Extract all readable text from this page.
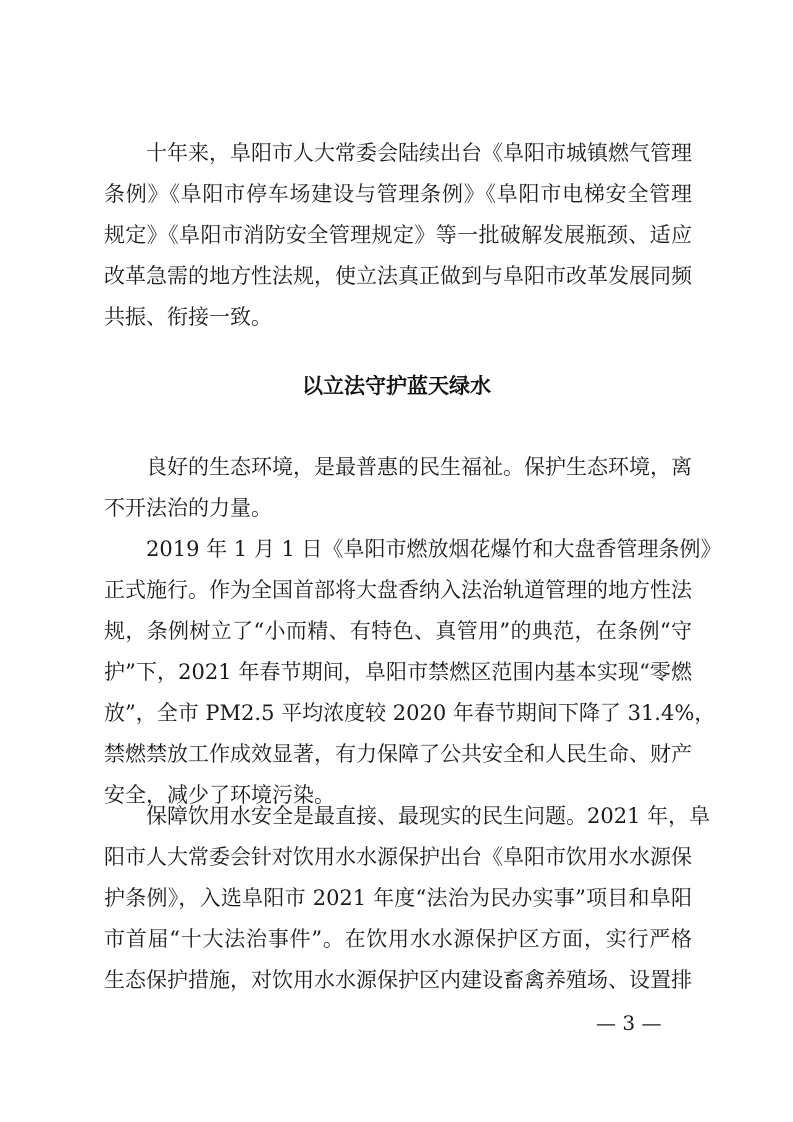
十年来，阜阳市人大常委会陆续出台《阜阳市城镇燃气管理
条例》《阜阳市停车场建设与管理条例》《阜阳市电梯安全管理
规定》《阜阳市消防安全管理规定》等一批破解发展瓶颈、适应
改革急需的地方性法规，使立法真正做到与阜阳市改革发展同频
共振、衔接一致。
以立法守护蓝天绿水
良好的生态环境，是最普惠的民生福祉。保护生态环境，离
不开法治的力量。
2019 年 1 月 1 日《阜阳市燃放烟花爆竹和大盘香管理条例》
正式施行。作为全国首部将大盘香纳入法治轨道管理的地方性法
规，条例树立了“小而精、有特色、真管用”的典范，在条例“守
护”下，2021 年春节期间，阜阳市禁燃区范围内基本实现“零燃
放”，全市 PM2.5 平均浓度较 2020 年春节期间下降了 31.4%，
禁燃禁放工作成效显著，有力保障了公共安全和人民生命、财产
安全，减少了环境污染。
保障饮用水安全是最直接、最现实的民生问题。2021 年，阜
阳市人大常委会针对饮用水水源保护出台《阜阳市饮用水水源保
护条例》，入选阜阳市 2021 年度“法治为民办实事”项目和阜阳
市首届“十大法治事件”。在饮用水水源保护区方面，实行严格
生态保护措施，对饮用水水源保护区内建设畜禽养殖场、设置排
— 3 —
